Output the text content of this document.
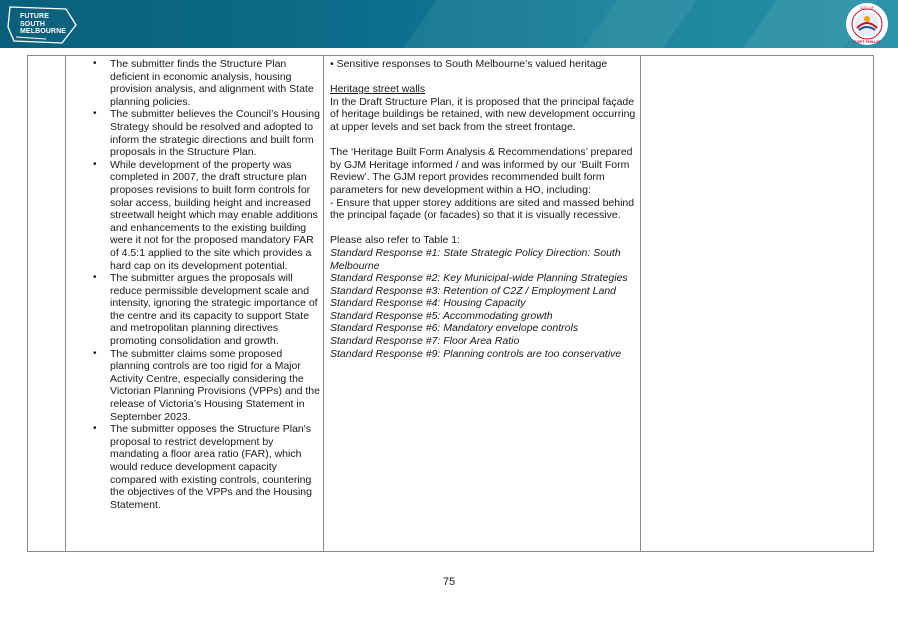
FUTURE
SOUTH
MELBOURNE
CITY OF
PORT PHILLIP
• The submitter finds the Structure Plan deficient in economic analysis, housing provision analysis, and alignment with State planning policies.
• The submitter believes the Council’s Housing Strategy should be resolved and adopted to inform the strategic directions and built form proposals in the Structure Plan.
• While development of the property was completed in 2007, the draft structure plan proposes revisions to built form controls for solar access, building height and increased streetwall height which may enable additions and enhancements to the existing building were it not for the proposed mandatory FAR of 4.5:1 applied to the site which provides a hard cap on its development potential.
• The submitter argues the proposals will reduce permissible development scale and intensity, ignoring the strategic importance of the centre and its capacity to support State and metropolitan planning directives promoting consolidation and growth.
• The submitter claims some proposed planning controls are too rigid for a Major Activity Centre, especially considering the Victorian Planning Provisions (VPPs) and the release of Victoria’s Housing Statement in September 2023.
• The submitter opposes the Structure Plan's proposal to restrict development by mandating a floor area ratio (FAR), which would reduce development capacity compared with existing controls, countering the objectives of the VPPs and the Housing Statement.

• Sensitive responses to South Melbourne’s valued heritage

Heritage street walls

In the Draft Structure Plan, it is proposed that the principal façade of heritage buildings be retained, with new development occurring at upper levels and set back from the street frontage.

The ‘Heritage Built Form Analysis & Recommendations’ prepared by GJM Heritage informed / and was informed by our ‘Built Form Review’. The GJM report provides recommended built form parameters for new development within a HO, including:

- Ensure that upper storey additions are sited and massed behind the principal façade (or facades) so that it is visually recessive.

Please also refer to Table 1:

Standard Response #1: State Strategic Policy Direction: South Melbourne

Standard Response #2: Key Municipal-wide Planning Strategies

Standard Response #3: Retention of C2Z / Employment Land

Standard Response #4: Housing Capacity

Standard Response #5: Accommodating growth

Standard Response #6: Mandatory envelope controls

Standard Response #7: Floor Area Ratio

Standard Response #9: Planning controls are too conservative

75
